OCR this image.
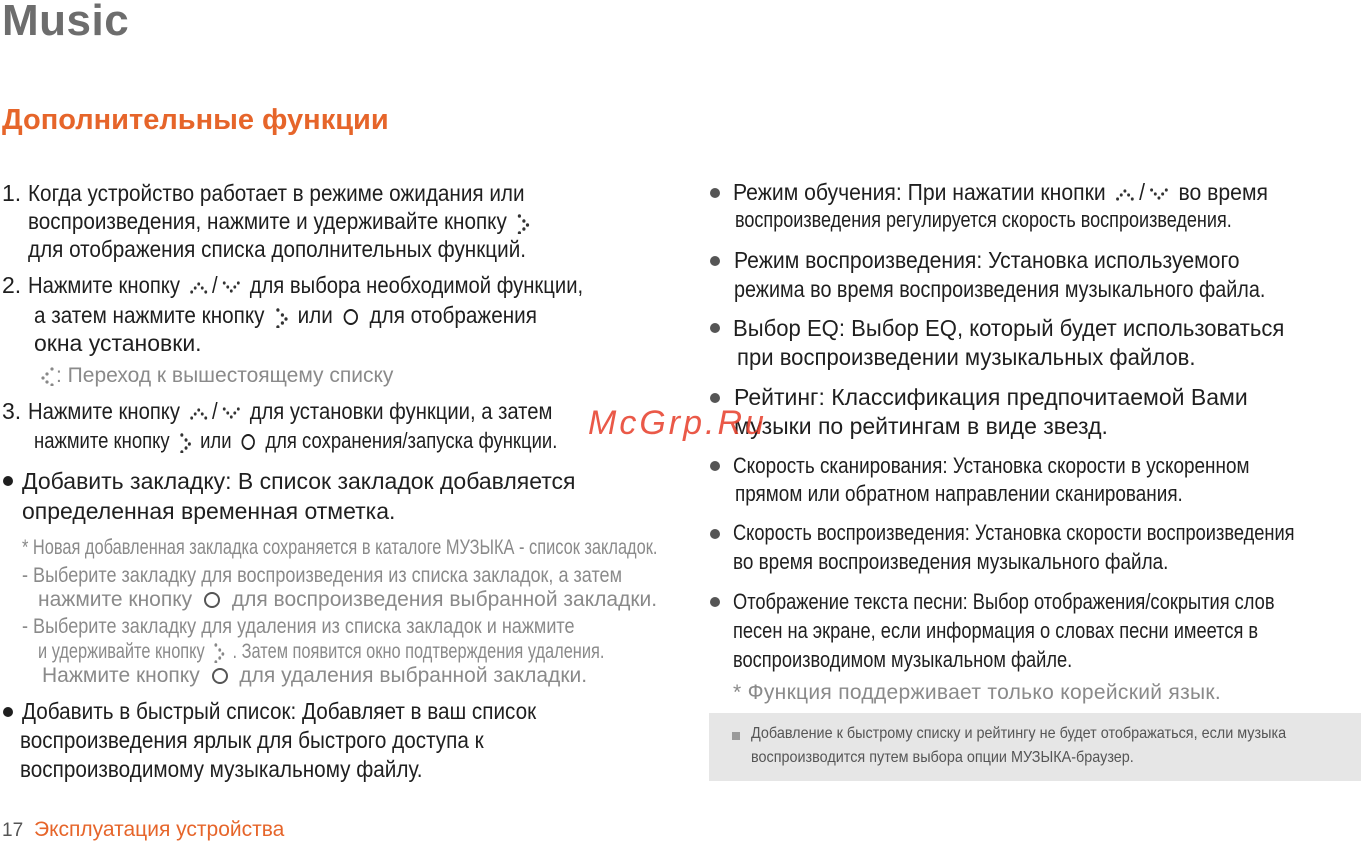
Music
Дополнительные функции
1. Когда устройство работает в режиме ожидания или
воспроизведения, нажмите и удерживайте кнопку
для отображения списка дополнительных функций.
2. Нажмите кнопку / для выбора необходимой функции,
а затем нажмите кнопку или для отображения
окна установки.
: Переход к вышестоящему списку
3. Нажмите кнопку / для установки функции, а затем
нажмите кнопку или для сохранения/запуска функции.
Добавить закладку: В список закладок добавляется
определенная временная отметка.
* Новая добавленная закладка сохраняется в каталоге МУЗЫКА - список закладок.
- Выберите закладку для воспроизведения из списка закладок, а затем
нажмите кнопку для воспроизведения выбранной закладки.
- Выберите закладку для удаления из списка закладок и нажмите
и удерживайте кнопку . Затем появится окно подтверждения удаления.
Нажмите кнопку для удаления выбранной закладки.
Добавить в быстрый список: Добавляет в ваш список
воспроизведения ярлык для быстрого доступа к
воспроизводимому музыкальному файлу.
Режим обучения: При нажатии кнопки / во время
воспроизведения регулируется скорость воспроизведения.
Режим воспроизведения: Установка используемого
режима во время воспроизведения музыкального файла.
Выбор EQ: Выбор EQ, который будет использоваться
при воспроизведении музыкальных файлов.
Рейтинг: Классификация предпочитаемой Вами
музыки по рейтингам в виде звезд.
Скорость сканирования: Установка скорости в ускоренном
прямом или обратном направлении сканирования.
Скорость воспроизведения: Установка скорости воспроизведения
во время воспроизведения музыкального файла.
Отображение текста песни: Выбор отображения/сокрытия слов
песен на экране, если информация о словах песни имеется в
воспроизводимом музыкальном файле.
* Функция поддерживает только корейский язык.
Добавление к быстрому списку и рейтингу не будет отображаться, если музыка
воспроизводится путем выбора опции МУЗЫКА-браузер.
McGrp.Ru
17 Эксплуатация устройства
